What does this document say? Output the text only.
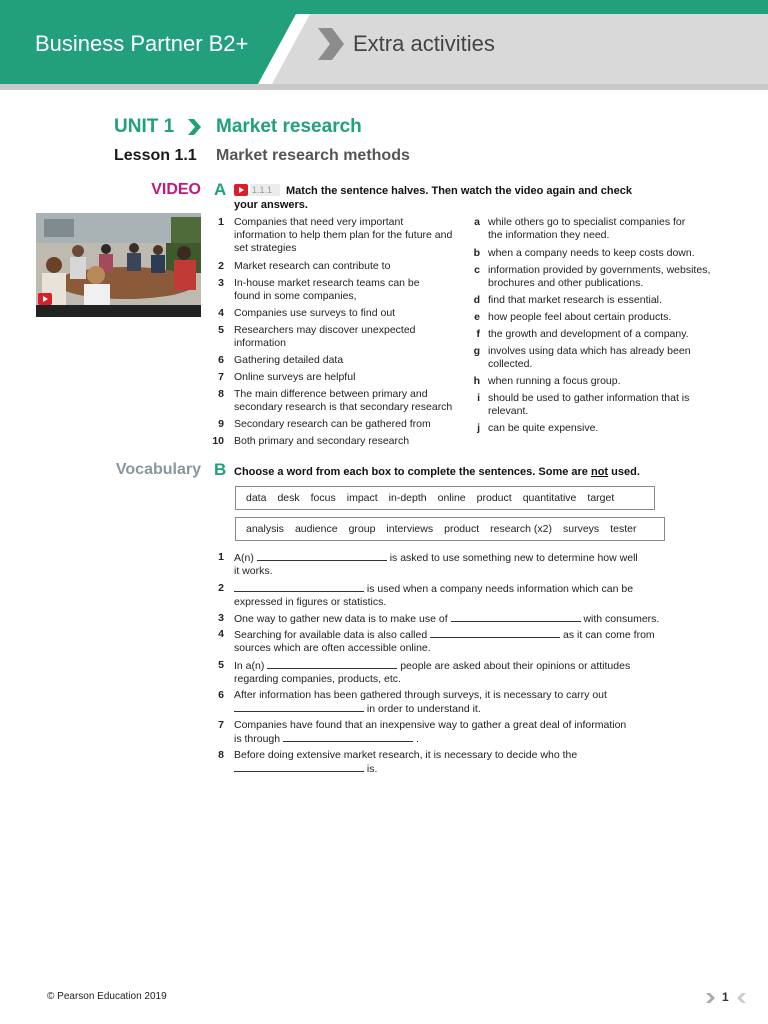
Business Partner B2+	Extra activities
UNIT 1 Market research
Lesson 1.1 Market research methods
VIDEO A	1.1.1	Match the sentence halves. Then watch the video again and check your answers.
1 Companies that need very important information to help them plan for the future and set strategies
2 Market research can contribute to
3 In-house market research teams can be found in some companies,
4 Companies use surveys to find out
5 Researchers may discover unexpected information
6 Gathering detailed data
7 Online surveys are helpful
8 The main difference between primary and secondary research is that secondary research
9 Secondary research can be gathered from
10 Both primary and secondary research
a while others go to specialist companies for the information they need.
b when a company needs to keep costs down.
c information provided by governments, websites, brochures and other publications.
d find that market research is essential.
e how people feel about certain products.
f the growth and development of a company.
g involves using data which has already been collected.
h when running a focus group.
i should be used to gather information that is relevant.
j can be quite expensive.
Vocabulary B Choose a word from each box to complete the sentences. Some are not used.
data desk focus impact in-depth online product quantitative target
analysis audience group interviews product research (x2) surveys tester
1 A(n)	is asked to use something new to determine how well
it works.
2	is used when a company needs information which can be
expressed in figures or statistics.
3 One way to gather new data is to make use of	with consumers.
4 Searching for available data is also called	as it can come from
sources which are often accessible online.
5 In a(n)	people are asked about their opinions or attitudes
regarding companies, products, etc.
6 After information has been gathered through surveys, it is necessary to carry out
in order to understand it.
7 Companies have found that an inexpensive way to gather a great deal of information
is through	.
8 Before doing extensive market research, it is necessary to decide who the
is.
© Pearson Education 2019	1
